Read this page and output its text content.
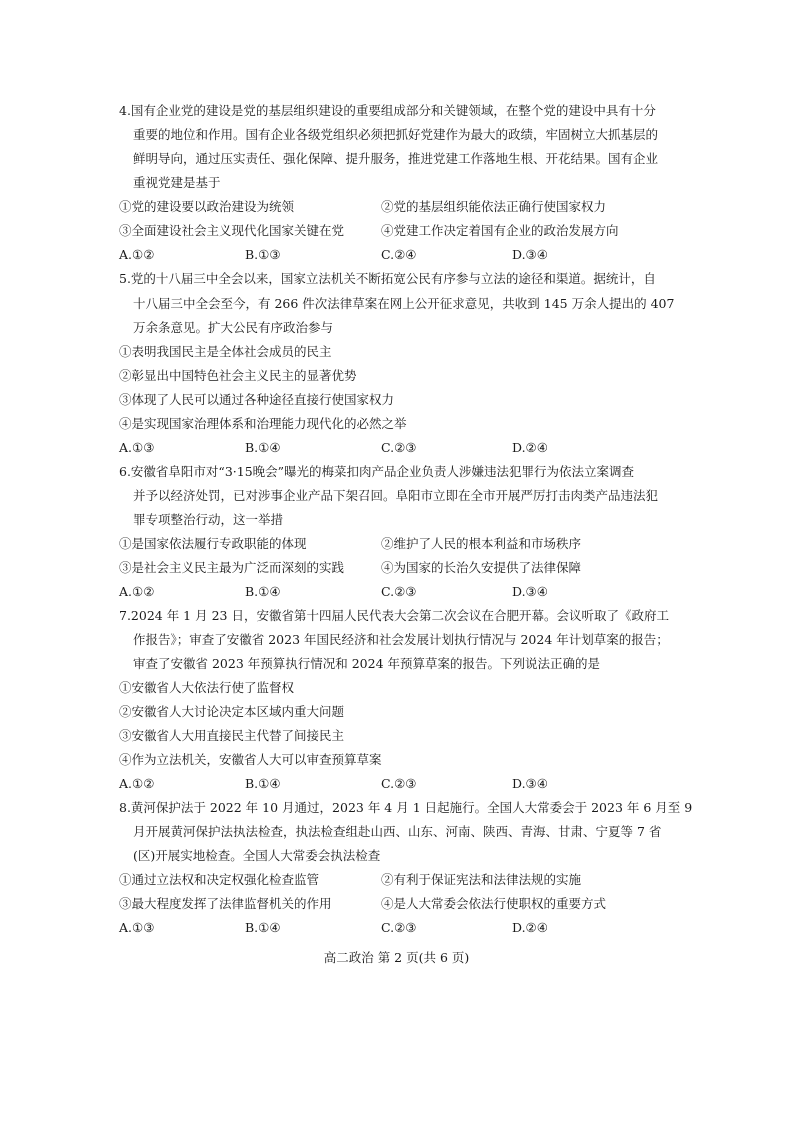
4.国有企业党的建设是党的基层组织建设的重要组成部分和关键领域，在整个党的建设中具有十分
重要的地位和作用。国有企业各级党组织必须把抓好党建作为最大的政绩，牢固树立大抓基层的
鲜明导向，通过压实责任、强化保障、提升服务，推进党建工作落地生根、开花结果。国有企业
重视党建是基于
①党的建设要以政治建设为统领	②党的基层组织能依法正确行使国家权力
③全面建设社会主义现代化国家关键在党	④党建工作决定着国有企业的政治发展方向
A.①②	B.①③	C.②④	D.③④
5.党的十八届三中全会以来，国家立法机关不断拓宽公民有序参与立法的途径和渠道。据统计，自
十八届三中全会至今，有 266 件次法律草案在网上公开征求意见，共收到 145 万余人提出的 407
万余条意见。扩大公民有序政治参与
①表明我国民主是全体社会成员的民主
②彰显出中国特色社会主义民主的显著优势
③体现了人民可以通过各种途径直接行使国家权力
④是实现国家治理体系和治理能力现代化的必然之举
A.①③	B.①④	C.②③	D.②④
6.安徽省阜阳市对“3·15晚会”曝光的梅菜扣肉产品企业负责人涉嫌违法犯罪行为依法立案调查
并予以经济处罚，已对涉事企业产品下架召回。阜阳市立即在全市开展严厉打击肉类产品违法犯
罪专项整治行动，这一举措
①是国家依法履行专政职能的体现	②维护了人民的根本利益和市场秩序
③是社会主义民主最为广泛而深刻的实践	④为国家的长治久安提供了法律保障
A.①②	B.①④	C.②③	D.③④
7.2024 年 1 月 23 日，安徽省第十四届人民代表大会第二次会议在合肥开幕。会议听取了《政府工
作报告》；审查了安徽省 2023 年国民经济和社会发展计划执行情况与 2024 年计划草案的报告；
审查了安徽省 2023 年预算执行情况和 2024 年预算草案的报告。下列说法正确的是
①安徽省人大依法行使了监督权
②安徽省人大讨论决定本区域内重大问题
③安徽省人大用直接民主代替了间接民主
④作为立法机关，安徽省人大可以审查预算草案
A.①②	B.①④	C.②③	D.③④
8.黄河保护法于 2022 年 10 月通过，2023 年 4 月 1 日起施行。全国人大常委会于 2023 年 6 月至 9
月开展黄河保护法执法检查，执法检查组赴山西、山东、河南、陕西、青海、甘肃、宁夏等 7 省
(区)开展实地检查。全国人大常委会执法检查
①通过立法权和决定权强化检查监管	②有利于保证宪法和法律法规的实施
③最大程度发挥了法律监督机关的作用	④是人大常委会依法行使职权的重要方式
A.①③	B.①④	C.②③	D.②④
高二政治 第 2 页(共 6 页)
